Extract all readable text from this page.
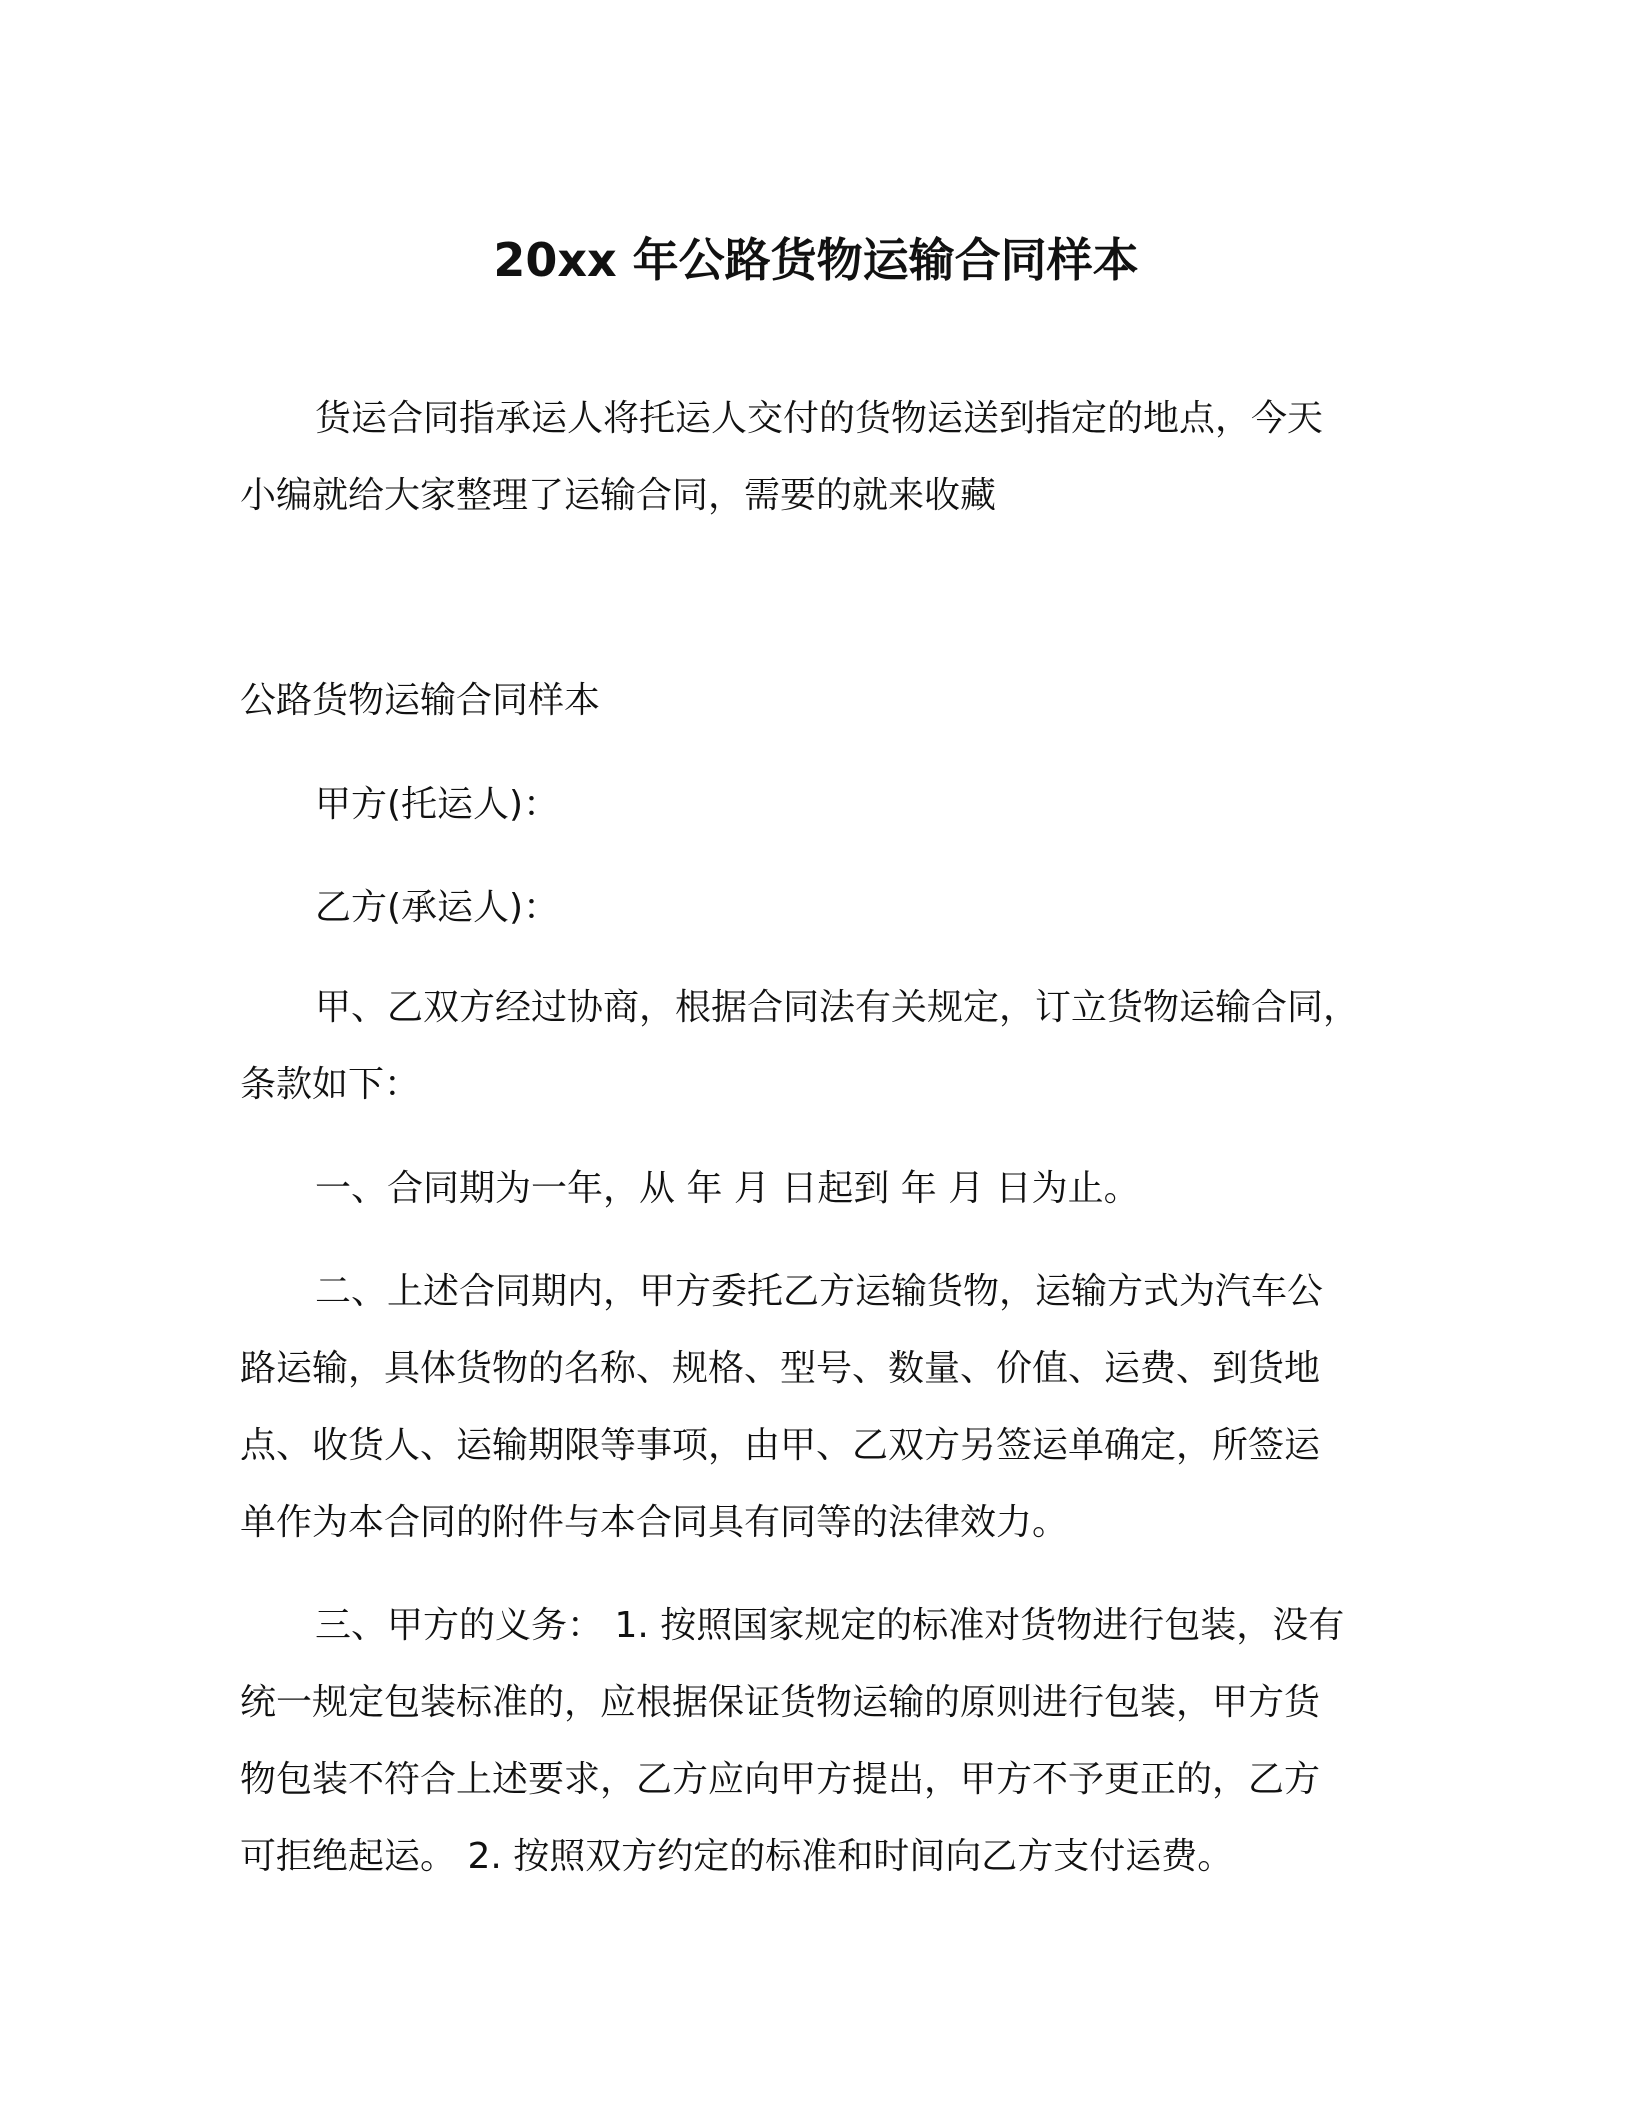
20xx 年公路货物运输合同样本
货运合同指承运人将托运人交付的货物运送到指定的地点，今天
小编就给大家整理了运输合同，需要的就来收藏
公路货物运输合同样本
甲方(托运人)：
乙方(承运人)：
甲、乙双方经过协商，根据合同法有关规定，订立货物运输合同，
条款如下：
一、合同期为一年，从 年 月 日起到 年 月 日为止。
二、上述合同期内，甲方委托乙方运输货物，运输方式为汽车公
路运输，具体货物的名称、规格、型号、数量、价值、运费、到货地
点、收货人、运输期限等事项，由甲、乙双方另签运单确定，所签运
单作为本合同的附件与本合同具有同等的法律效力。
三、甲方的义务： 1. 按照国家规定的标准对货物进行包装，没有
统一规定包装标准的，应根据保证货物运输的原则进行包装，甲方货
物包装不符合上述要求，乙方应向甲方提出，甲方不予更正的，乙方
可拒绝起运。 2. 按照双方约定的标准和时间向乙方支付运费。
